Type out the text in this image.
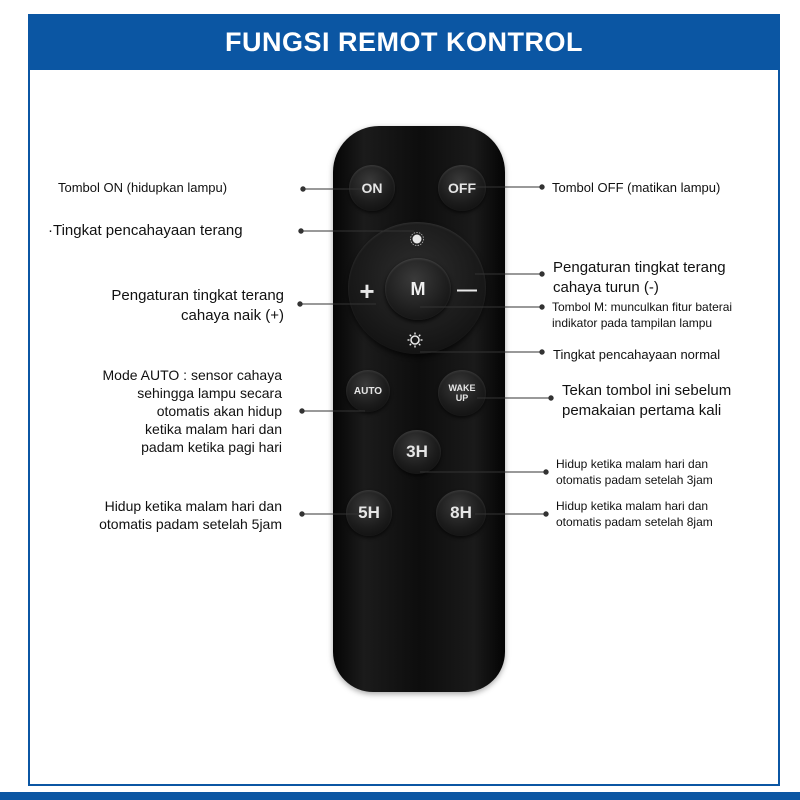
FUNGSI REMOT KONTROL
ON	OFF
+	—
M
AUTO	WAKE
UP
3H
5H	8H
Tombol ON (hidupkan lampu)
·Tingkat pencahayaan terang
Pengaturan tingkat terang
cahaya naik (+)
Mode AUTO : sensor cahaya
sehingga lampu secara
otomatis akan hidup
ketika malam hari dan
padam ketika pagi hari
Hidup ketika malam hari dan
otomatis padam setelah 5jam
Tombol OFF (matikan lampu)
Pengaturan tingkat terang
cahaya turun (-)
Tombol M: munculkan fitur baterai
indikator pada tampilan lampu
Tingkat pencahayaan normal
Tekan tombol ini sebelum
pemakaian pertama kali
Hidup ketika malam hari dan
otomatis padam setelah 3jam
Hidup ketika malam hari dan
otomatis padam setelah 8jam
